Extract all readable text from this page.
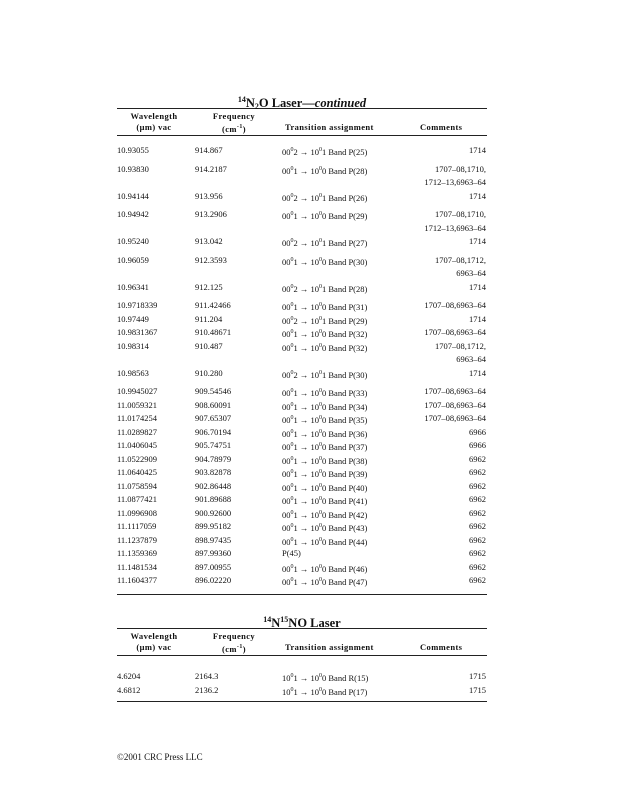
$^{14}N_2O$ Laser—continued
Wavelength
(μm) vac
Frequency
$(cm^{-1})$	Transition assignment	Comments
10.93055	914.867	$00^02 \to 10^01$ Band P(25)	1714
10.93830	914.2187	$00^01 \to 10^00$ Band P(28)	1707–08,1710,
1712–13,6963–64
10.94144	913.956	$00^02 \to 10^01$ Band P(26)	1714
10.94942	913.2906	$00^01 \to 10^00$ Band P(29)	1707–08,1710,
1712–13,6963–64
10.95240	913.042	$00^02 \to 10^01$ Band P(27)	1714
10.96059	912.3593	$00^01 \to 10^00$ Band P(30)	1707–08,1712,
6963–64
10.96341	912.125	$00^02 \to 10^01$ Band P(28)	1714
10.9718339	911.42466	$00^01 \to 10^00$ Band P(31)	1707–08,6963–64
10.97449	911.204	$00^02 \to 10^01$ Band P(29)	1714
10.9831367	910.48671	$00^01 \to 10^00$ Band P(32)	1707–08,6963–64
10.98314	910.487	$00^01 \to 10^00$ Band P(32)	1707–08,1712,
6963–64
10.98563	910.280	$00^02 \to 10^01$ Band P(30)	1714
10.9945027	909.54546	$00^01 \to 10^00$ Band P(33)	1707–08,6963–64
11.0059321	908.60091	$00^01 \to 10^00$ Band P(34)	1707–08,6963–64
11.0174254	907.65307	$00^01 \to 10^00$ Band P(35)	1707–08,6963–64
11.0289827	906.70194	$00^01 \to 10^00$ Band P(36)	6966
11.0406045	905.74751	$00^01 \to 10^00$ Band P(37)	6966
11.0522909	904.78979	$00^01 \to 10^00$ Band P(38)	6962
11.0640425	903.82878	$00^01 \to 10^00$ Band P(39)	6962
11.0758594	902.86448	$00^01 \to 10^00$ Band P(40)	6962
11.0877421	901.89688	$00^01 \to 10^00$ Band P(41)	6962
11.0996908	900.92600	$00^01 \to 10^00$ Band P(42)	6962
11.1117059	899.95182	$00^01 \to 10^00$ Band P(43)	6962
11.1237879	898.97435	$00^01 \to 10^00$ Band P(44)	6962
11.1359369	897.99360	P(45)	6962
11.1481534	897.00955	$00^01 \to 10^00$ Band P(46)	6962
11.1604377	896.02220	$00^01 \to 10^00$ Band P(47)	6962
$^{14}N^{15}NO$ Laser
Wavelength
(μm) vac
Frequency
$(cm^{-1})$	Transition assignment	Comments
4.6204	2164.3	$10^01 \to 10^00$ Band R(15)	1715
4.6812	2136.2	$10^01 \to 10^00$ Band P(17)	1715
©2001 CRC Press LLC
